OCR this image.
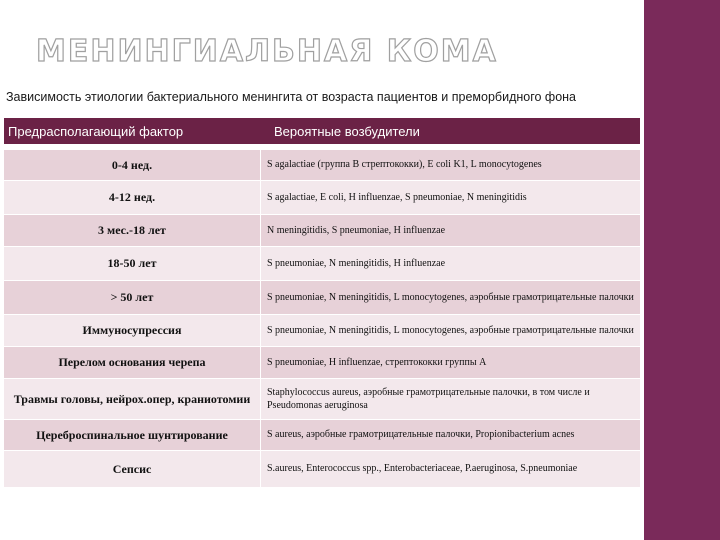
МЕНИНГИАЛЬНАЯ КОМА
Зависимость этиологии бактериального менингита от возраста пациентов и преморбидного фона
Предрасполагающий фактор	Вероятные возбудители
0-4 нед.	S agalactiae (группа B стрептококки), E coli K1, L monocytogenes
4-12 нед.	S agalactiae, E coli, H influenzae, S pneumoniae, N meningitidis
3 мес.-18 лет	N meningitidis, S pneumoniae, H influenzae
18-50 лет	S pneumoniae, N meningitidis, H influenzae
> 50 лет	S pneumoniae, N meningitidis, L monocytogenes, аэробные грамотрицательные палочки
Иммуносупрессия	S pneumoniae, N meningitidis, L monocytogenes, аэробные грамотрицательные палочки
Перелом основания черепа	S pneumoniae, H influenzae, стрептококки группы A
Травмы головы, нейрох.опер, краниотомии	Staphylococcus aureus, аэробные грамотрицательные палочки, в том числе и Pseudomonas aeruginosa
Цереброспинальное шунтирование	S aureus, аэробные грамотрицательные палочки, Propionibacterium acnes
Сепсис	S.aureus, Enterococcus spp., Enterobacteriaceae, P.aeruginosa, S.pneumoniae
